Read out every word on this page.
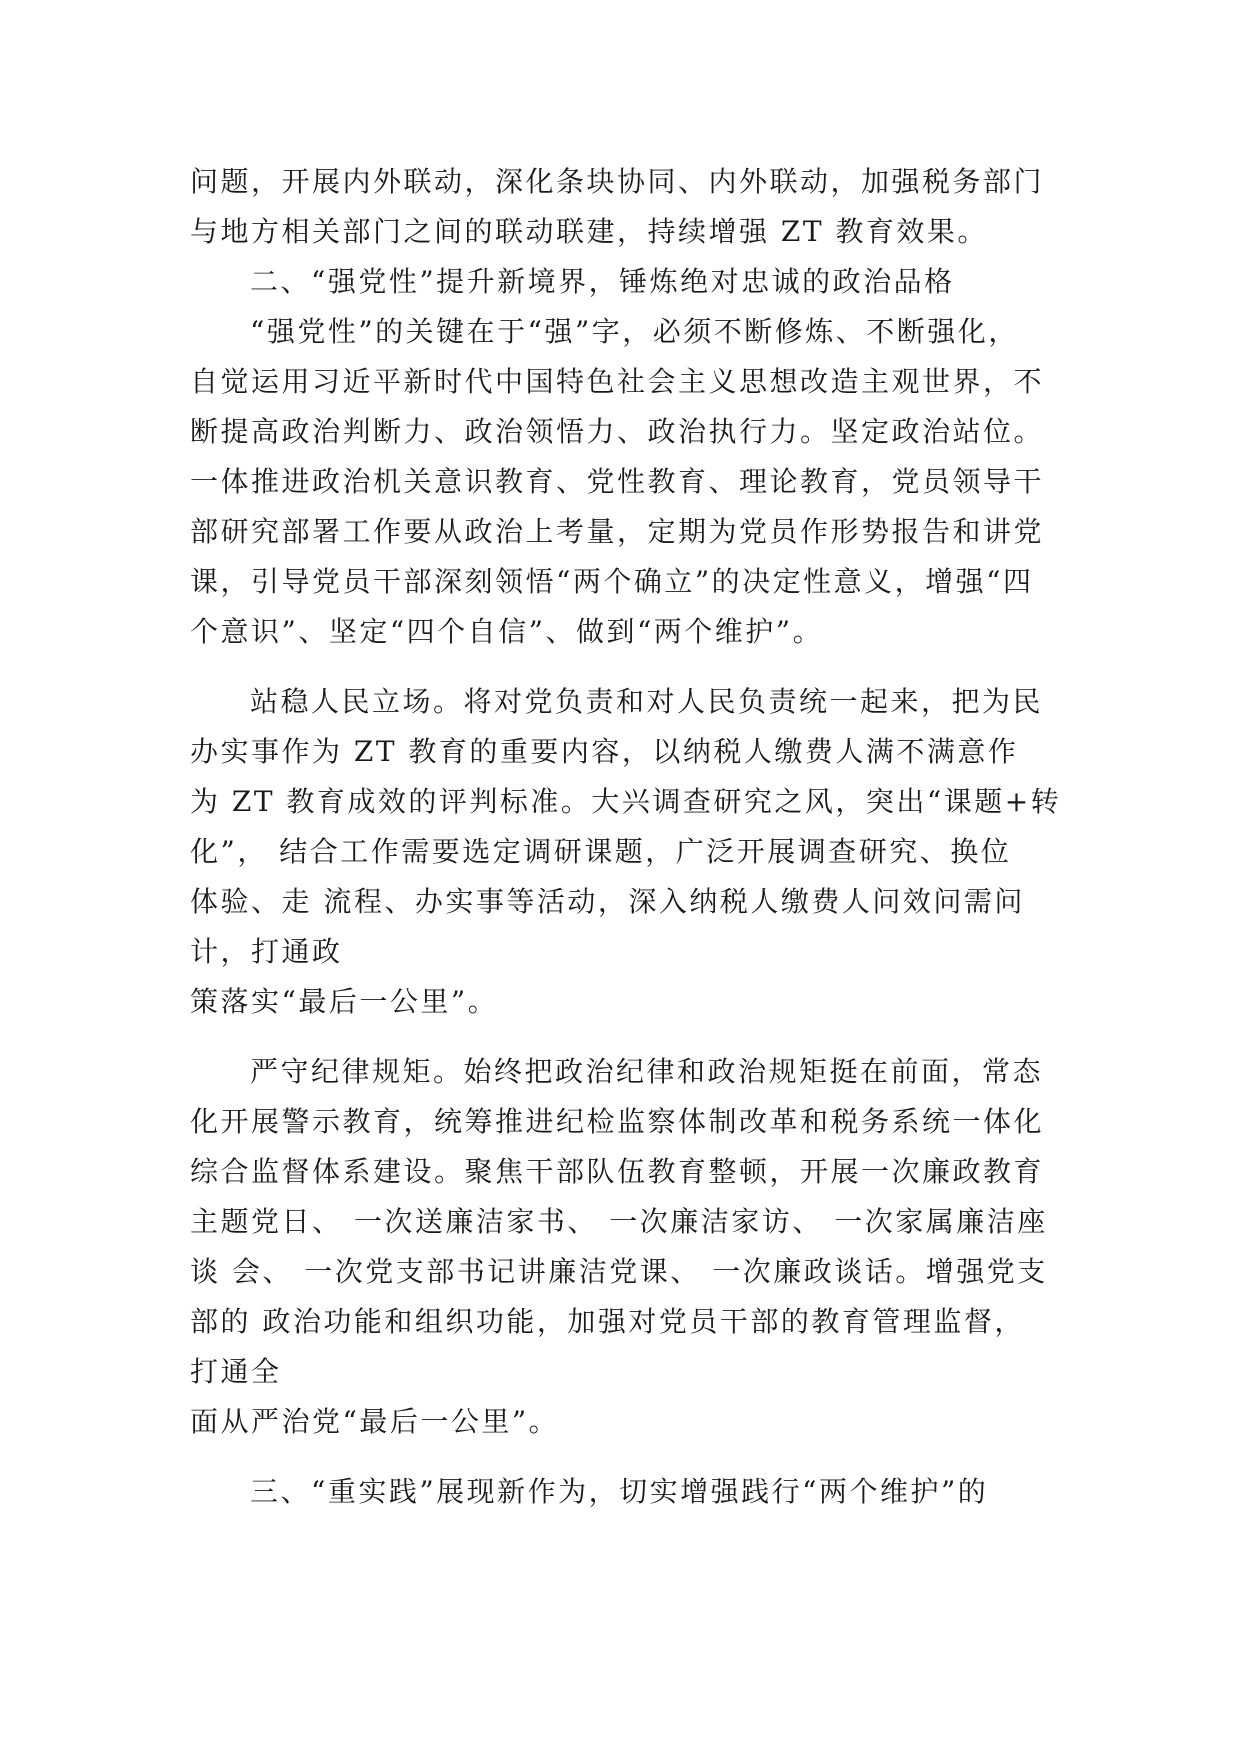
问题，开展内外联动，深化条块协同、内外联动，加强税务部门

与地方相关部门之间的联动联建，持续增强 ZT 教育效果。

二、“强党性”提升新境界，锤炼绝对忠诚的政治品格

“强党性”的关键在于“强”字，必须不断修炼、不断强化，

自觉运用习近平新时代中国特色社会主义思想改造主观世界，不

断提高政治判断力、政治领悟力、政治执行力。坚定政治站位。

一体推进政治机关意识教育、党性教育、理论教育，党员领导干

部研究部署工作要从政治上考量，定期为党员作形势报告和讲党

课，引导党员干部深刻领悟“两个确立”的决定性意义，增强“四

个意识”、坚定“四个自信”、做到“两个维护”。

站稳人民立场。将对党负责和对人民负责统一起来，把为民

办实事作为 ZT 教育的重要内容，以纳税人缴费人满不满意作

为 ZT 教育成效的评判标准。大兴调查研究之风，突出“课题+转

化”， 结合工作需要选定调研课题，广泛开展调查研究、换位

体验、走 流程、办实事等活动，深入纳税人缴费人问效问需问

计，打通政

策落实“最后一公里”。

严守纪律规矩。始终把政治纪律和政治规矩挺在前面，常态

化开展警示教育，统筹推进纪检监察体制改革和税务系统一体化

综合监督体系建设。聚焦干部队伍教育整顿，开展一次廉政教育

主题党日、 一次送廉洁家书、 一次廉洁家访、 一次家属廉洁座

谈 会、 一次党支部书记讲廉洁党课、 一次廉政谈话。增强党支

部的 政治功能和组织功能，加强对党员干部的教育管理监督，

打通全

面从严治党“最后一公里”。

三、“重实践”展现新作为，切实增强践行“两个维护”的
